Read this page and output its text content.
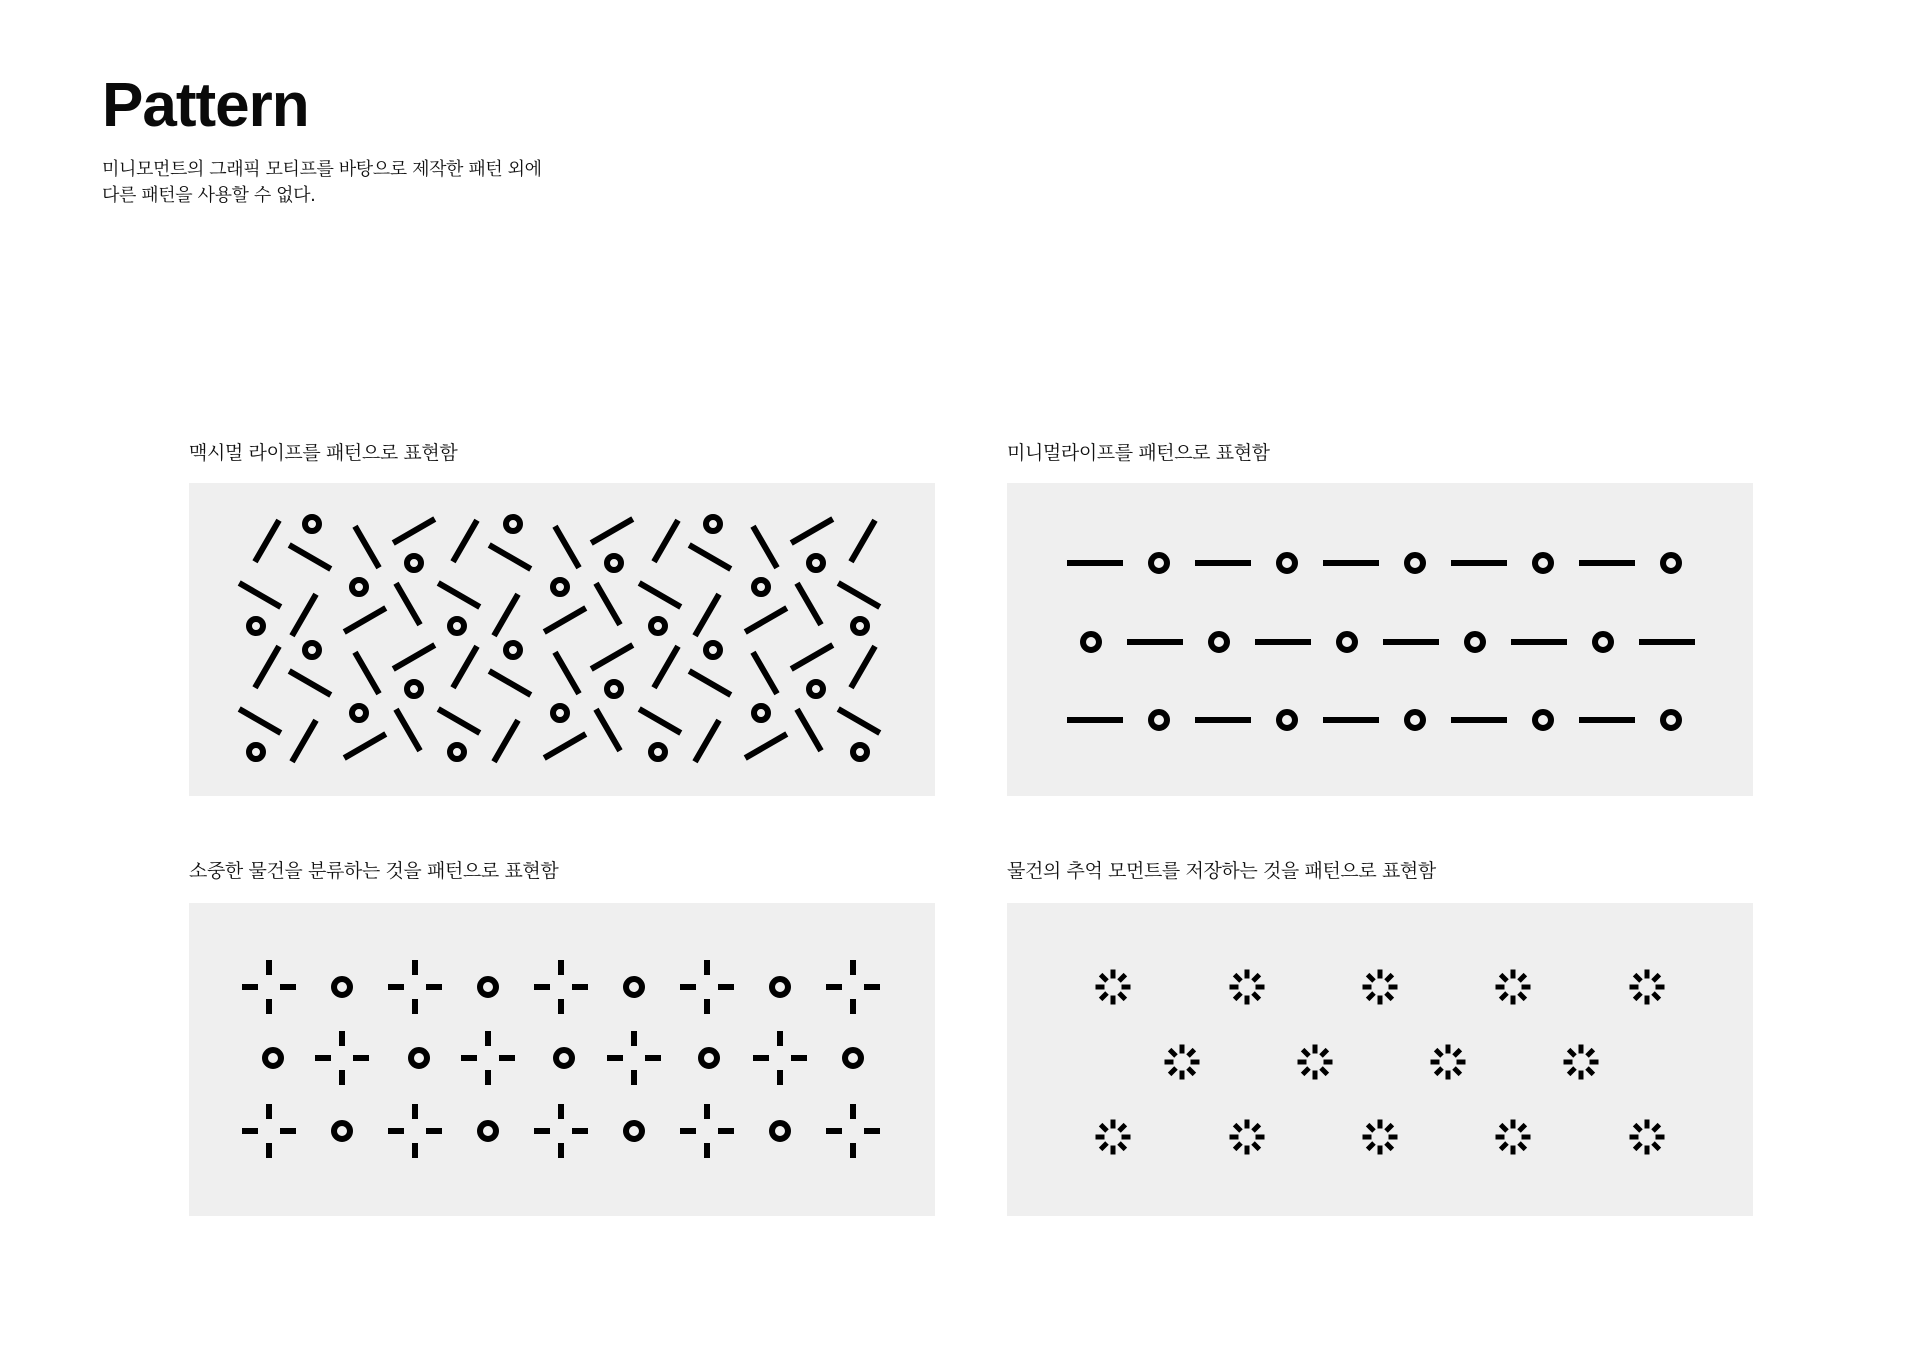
Pattern
미니모먼트의 그래픽 모티프를 바탕으로 제작한 패턴 외에
다른 패턴을 사용할 수 없다.
맥시멀 라이프를 패턴으로 표현함	미니멀라이프를 패턴으로 표현함
소중한 물건을 분류하는 것을 패턴으로 표현함	물건의 추억 모먼트를 저장하는 것을 패턴으로 표현함
